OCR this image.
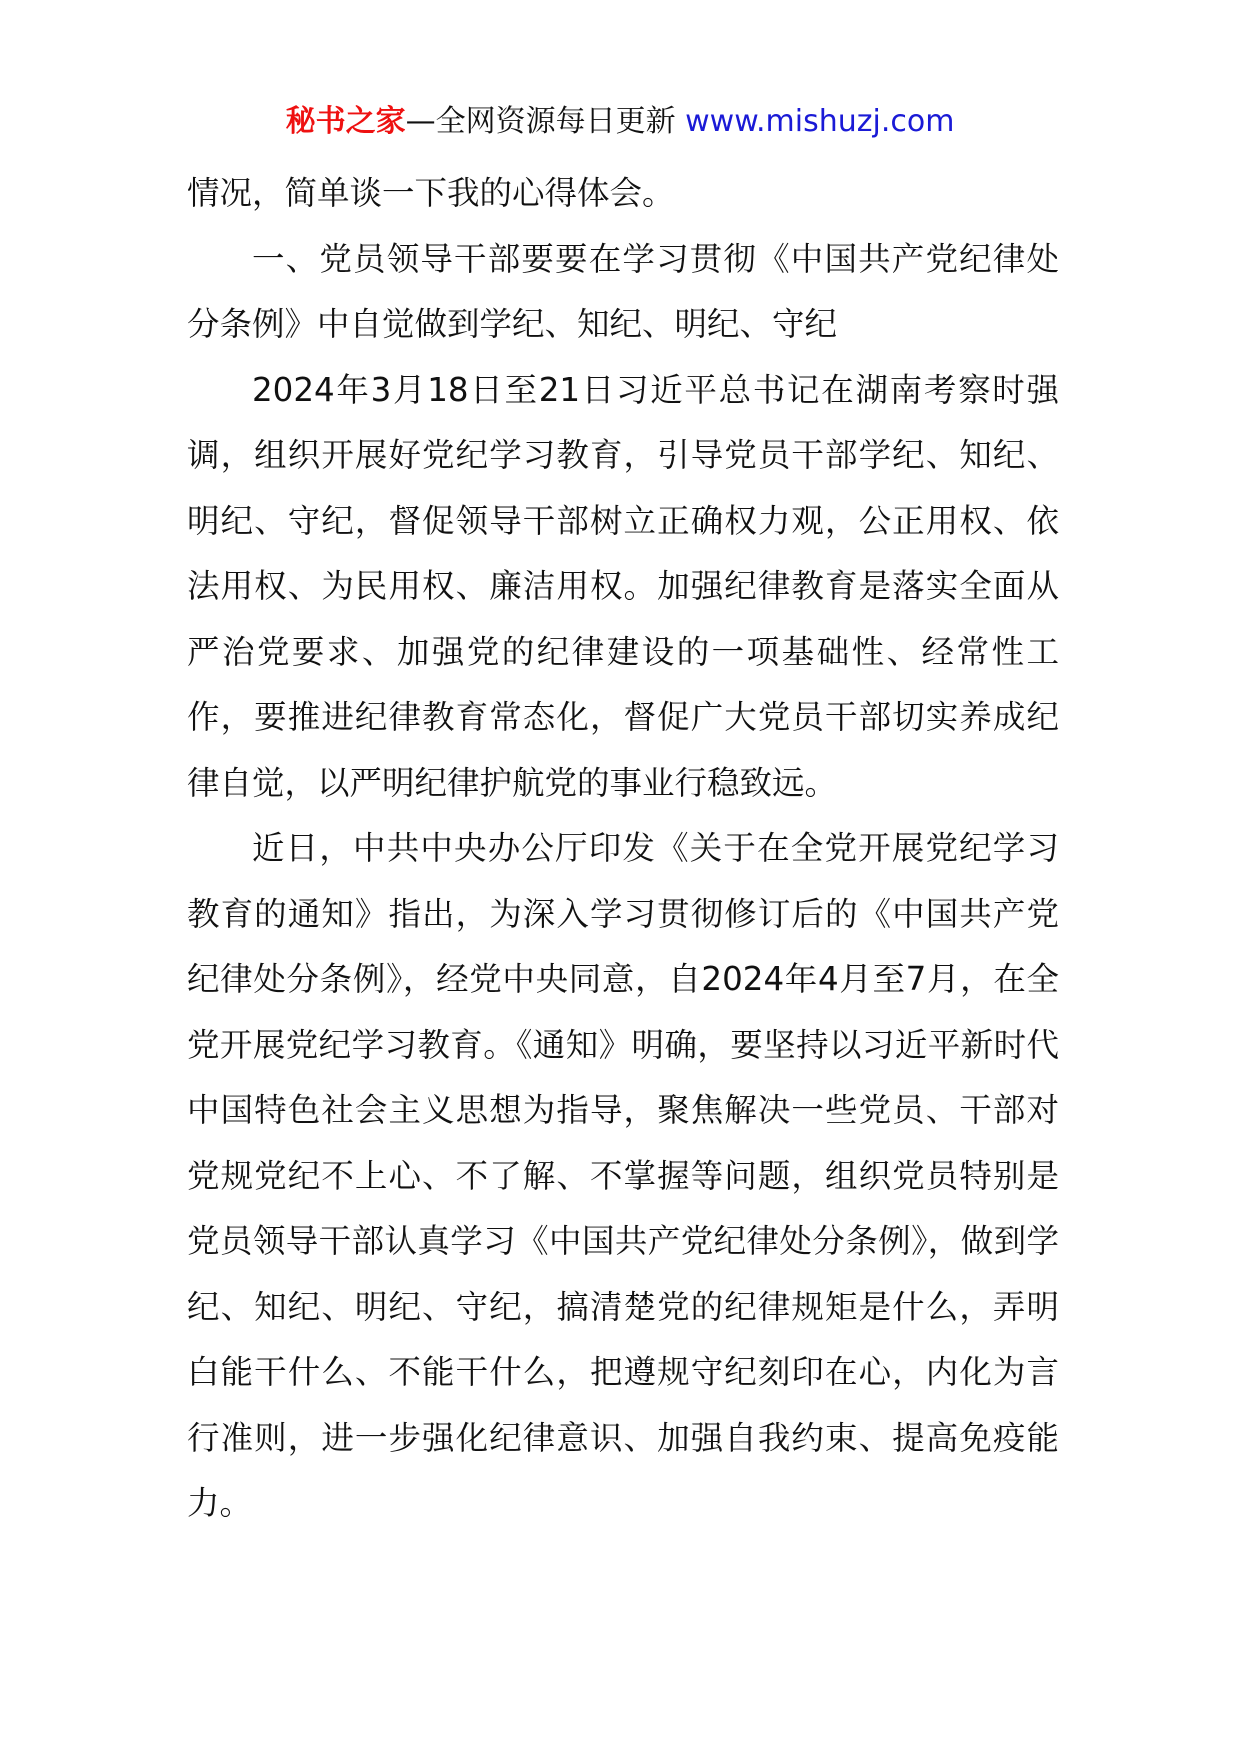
秘书之家—全网资源每日更新 www.mishuzj.com

情况，简单谈一下我的心得体会。

一、党员领导干部要要在学习贯彻《中国共产党纪律处分条例》中自觉做到学纪、知纪、明纪、守纪

2024年3月18日至21日习近平总书记在湖南考察时强调，组织开展好党纪学习教育，引导党员干部学纪、知纪、明纪、守纪，督促领导干部树立正确权力观，公正用权、依法用权、为民用权、廉洁用权。加强纪律教育是落实全面从严治党要求、加强党的纪律建设的一项基础性、经常性工作，要推进纪律教育常态化，督促广大党员干部切实养成纪律自觉，以严明纪律护航党的事业行稳致远。

近日，中共中央办公厅印发《关于在全党开展党纪学习教育的通知》指出，为深入学习贯彻修订后的《中国共产党纪律处分条例》，经党中央同意，自2024年4月至7月，在全党开展党纪学习教育。《通知》明确，要坚持以习近平新时代中国特色社会主义思想为指导，聚焦解决一些党员、干部对党规党纪不上心、不了解、不掌握等问题，组织党员特别是党员领导干部认真学习《中国共产党纪律处分条例》，做到学纪、知纪、明纪、守纪，搞清楚党的纪律规矩是什么，弄明白能干什么、不能干什么，把遵规守纪刻印在心，内化为言行准则，进一步强化纪律意识、加强自我约束、提高免疫能力。
